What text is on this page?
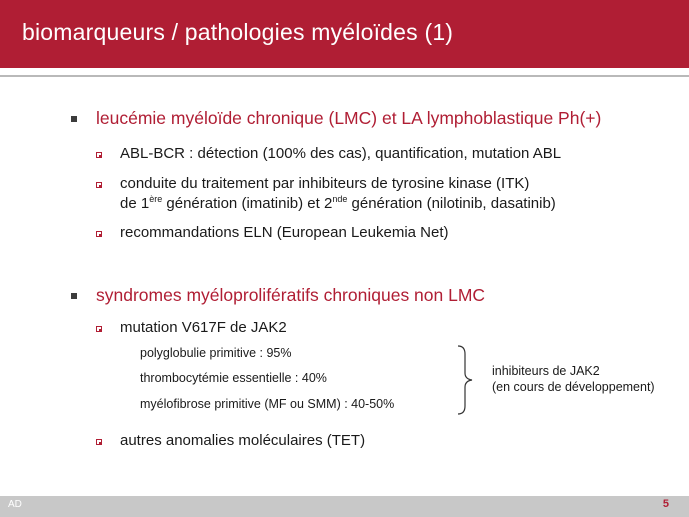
biomarqueurs / pathologies myéloïdes (1)
leucémie myéloïde chronique (LMC) et LA lymphoblastique Ph(+)
ABL-BCR : détection (100% des cas), quantification, mutation ABL
conduite du traitement par inhibiteurs de tyrosine kinase (ITK)
de 1ère génération (imatinib) et 2nde génération (nilotinib, dasatinib)
recommandations ELN (European Leukemia Net)
syndromes myéloprolifératifs chroniques non LMC
mutation V617F de JAK2
polyglobulie primitive : 95%
thrombocytémie essentielle : 40%
myélofibrose primitive (MF ou SMM) : 40-50%
inhibiteurs de JAK2
(en cours de développement)
autres anomalies moléculaires (TET)
AD	5
